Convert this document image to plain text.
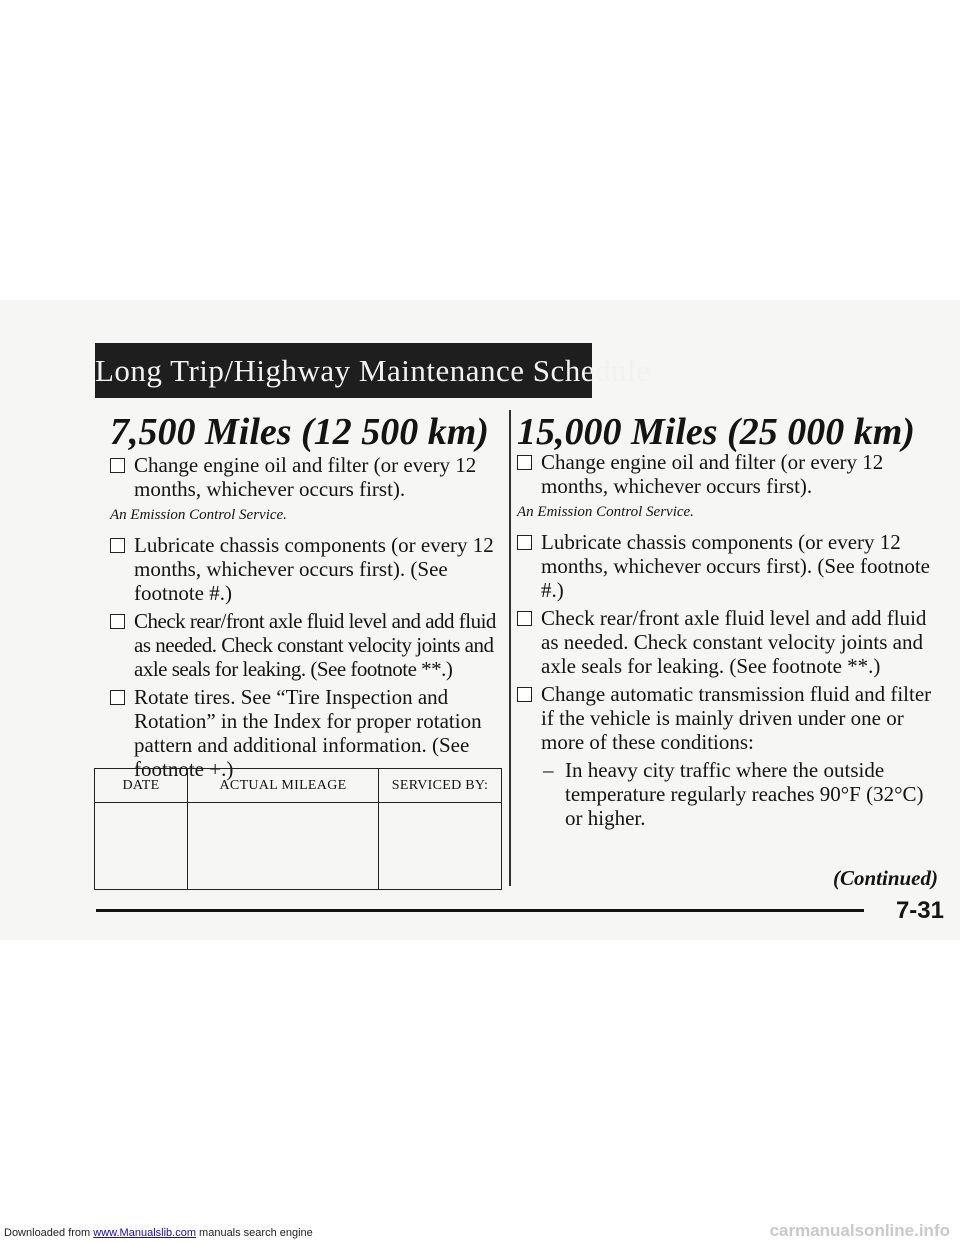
Long Trip/Highway Maintenance Schedule
7,500 Miles (12 500 km)
Change engine oil and filter (or every 12 months, whichever occurs first).
An Emission Control Service.
Lubricate chassis components (or every 12 months, whichever occurs first). (See footnote #.)
Check rear/front axle fluid level and add fluid as needed. Check constant velocity joints and axle seals for leaking. (See footnote **.)
Rotate tires. See “Tire Inspection and Rotation” in the Index for proper rotation pattern and additional information. (See footnote +.)
DATE	ACTUAL MILEAGE	SERVICED BY:

15,000 Miles (25 000 km)
Change engine oil and filter (or every 12 months, whichever occurs first).
An Emission Control Service.
Lubricate chassis components (or every 12 months, whichever occurs first). (See footnote #.)
Check rear/front axle fluid level and add fluid as needed. Check constant velocity joints and axle seals for leaking. (See footnote **.)
Change automatic transmission fluid and filter if the vehicle is mainly driven under one or more of these conditions:
– In heavy city traffic where the outside temperature regularly reaches 90°F (32°C) or higher.

(Continued)

7-31

Downloaded from www.Manualslib.com manuals search engine	carmanualsonline.info
